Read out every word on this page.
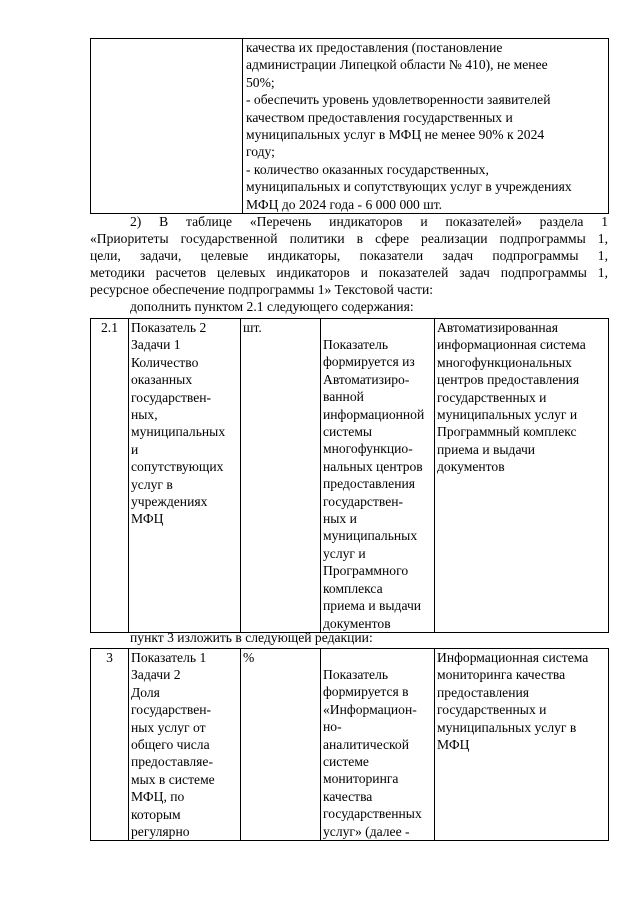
	качества их предоставления (постановление
администрации Липецкой области № 410), не менее
50%;
- обеспечить уровень удовлетворенности заявителей
качеством предоставления государственных и
муниципальных услуг в МФЦ не менее 90% к 2024
году;
- количество оказанных государственных,
муниципальных и сопутствующих услуг в учреждениях
МФЦ до 2024 года - 6 000 000 шт.
2) В таблице «Перечень индикаторов и показателей» раздела 1
«Приоритеты государственной политики в сфере реализации подпрограммы 1,
цели, задачи, целевые индикаторы, показатели задач подпрограммы 1,
методики расчетов целевых индикаторов и показателей задач подпрограммы 1,
ресурсное обеспечение подпрограммы 1» Текстовой части:
дополнить пунктом 2.1 следующего содержания:
2.1	Показатель 2
Задачи 1
Количество
оказанных
государствен-
ных,
муниципальных
и
сопутствующих
услуг в
учреждениях
МФЦ	шт.	Показатель
формируется из
Автоматизиро-
ванной
информационной
системы
многофункцио-
нальных центров
предоставления
государствен-
ных и
муниципальных
услуг и
Программного
комплекса
приема и выдачи
документов	Автоматизированная
информационная система
многофункциональных
центров предоставления
государственных и
муниципальных услуг и
Программный комплекс
приема и выдачи
документов
пункт 3 изложить в следующей редакции:
3	Показатель 1
Задачи 2
Доля
государствен-
ных услуг от
общего числа
предоставляе-
мых в системе
МФЦ, по
которым
регулярно	%	Показатель
формируется в
«Информацион-
но-
аналитической
системе
мониторинга
качества
государственных
услуг» (далее -	Информационная система
мониторинга качества
предоставления
государственных и
муниципальных услуг в
МФЦ
